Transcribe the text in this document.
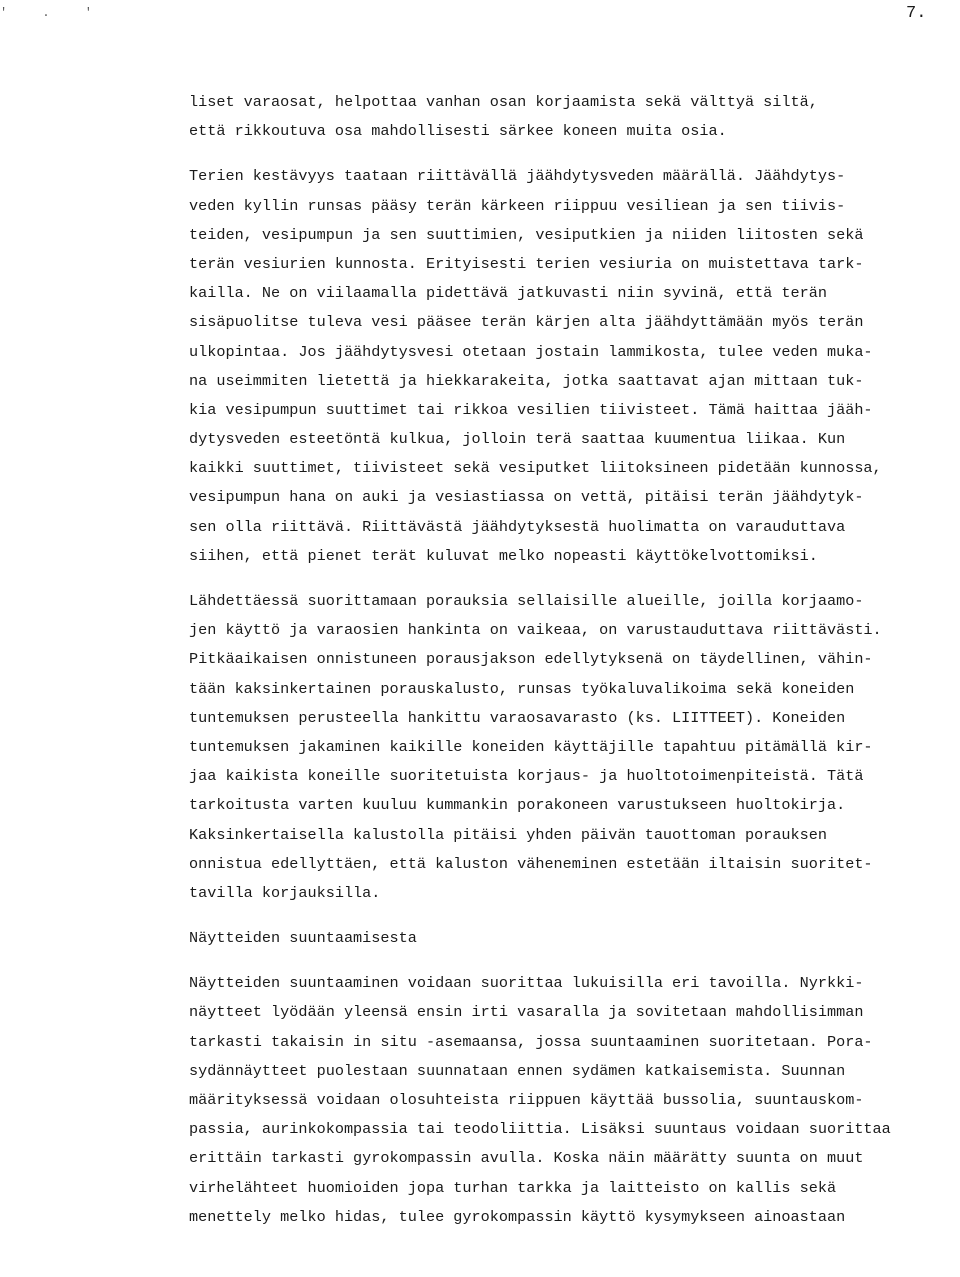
' . '	7.
liset varaosat, helpottaa vanhan osan korjaamista sekä välttyä siltä,
että rikkoutuva osa mahdollisesti särkee koneen muita osia.
Terien kestävyys taataan riittävällä jäähdytysveden määrällä. Jäähdytys-
veden kyllin runsas pääsy terän kärkeen riippuu vesiliean ja sen tiivis-
teiden, vesipumpun ja sen suuttimien, vesiputkien ja niiden liitosten sekä
terän vesiurien kunnosta. Erityisesti terien vesiuria on muistettava tark-
kailla. Ne on viilaamalla pidettävä jatkuvasti niin syvinä, että terän
sisäpuolitse tuleva vesi pääsee terän kärjen alta jäähdyttämään myös terän
ulkopintaa. Jos jäähdytysvesi otetaan jostain lammikosta, tulee veden muka-
na useimmiten lietettä ja hiekkarakeita, jotka saattavat ajan mittaan tuk-
kia vesipumpun suuttimet tai rikkoa vesilien tiivisteet. Tämä haittaa jääh-
dytysveden esteetöntä kulkua, jolloin terä saattaa kuumentua liikaa. Kun
kaikki suuttimet, tiivisteet sekä vesiputket liitoksineen pidetään kunnossa,
vesipumpun hana on auki ja vesiastiassa on vettä, pitäisi terän jäähdytyk-
sen olla riittävä. Riittävästä jäähdytyksestä huolimatta on varauduttava
siihen, että pienet terät kuluvat melko nopeasti käyttökelvottomiksi.
Lähdettäessä suorittamaan porauksia sellaisille alueille, joilla korjaamo-
jen käyttö ja varaosien hankinta on vaikeaa, on varustauduttava riittävästi.
Pitkäaikaisen onnistuneen porausjakson edellytyksenä on täydellinen, vähin-
tään kaksinkertainen porauskalusto, runsas työkaluvalikoima sekä koneiden
tuntemuksen perusteella hankittu varaosavarasto (ks. LIITTEET). Koneiden
tuntemuksen jakaminen kaikille koneiden käyttäjille tapahtuu pitämällä kir-
jaa kaikista koneille suoritetuista korjaus- ja huoltotoimenpiteistä. Tätä
tarkoitusta varten kuuluu kummankin porakoneen varustukseen huoltokirja.
Kaksinkertaisella kalustolla pitäisi yhden päivän tauottoman porauksen
onnistua edellyttäen, että kaluston väheneminen estetään iltaisin suoritet-
tavilla korjauksilla.
Näytteiden suuntaamisesta
Näytteiden suuntaaminen voidaan suorittaa lukuisilla eri tavoilla. Nyrkki-
näytteet lyödään yleensä ensin irti vasaralla ja sovitetaan mahdollisimman
tarkasti takaisin in situ -asemaansa, jossa suuntaaminen suoritetaan. Pora-
sydännäytteet puolestaan suunnataan ennen sydämen katkaisemista. Suunnan
määrityksessä voidaan olosuhteista riippuen käyttää bussolia, suuntauskom-
passia, aurinkokompassia tai teodoliittia. Lisäksi suuntaus voidaan suorittaa
erittäin tarkasti gyrokompassin avulla. Koska näin määrätty suunta on muut
virhelähteet huomioiden jopa turhan tarkka ja laitteisto on kallis sekä
menettely melko hidas, tulee gyrokompassin käyttö kysymykseen ainoastaan
